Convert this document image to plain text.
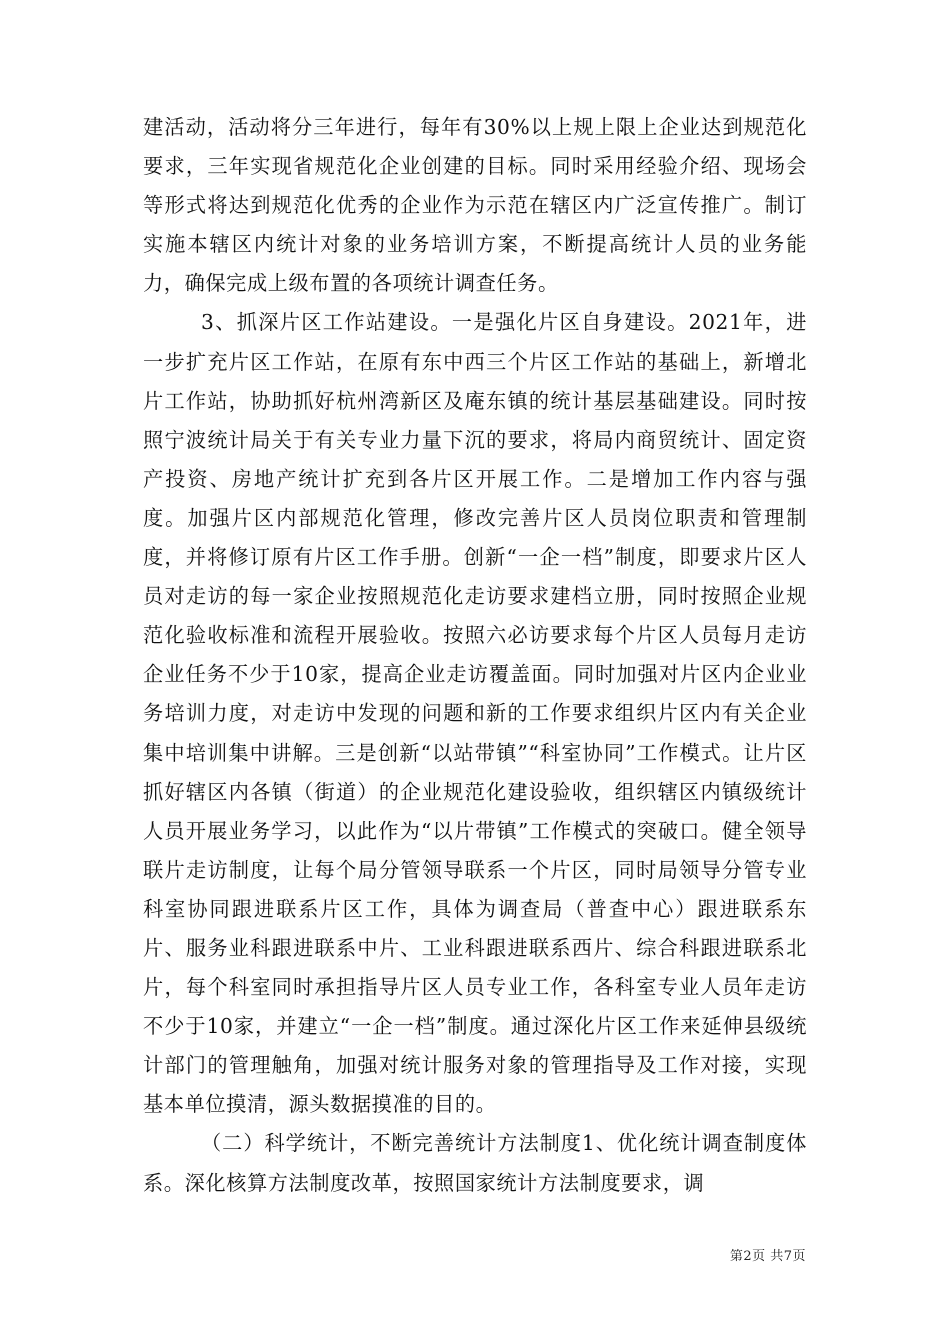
建活动，活动将分三年进行，每年有30%以上规上限上企业达到规范化要求，三年实现省规范化企业创建的目标。同时采用经验介绍、现场会等形式将达到规范化优秀的企业作为示范在辖区内广泛宣传推广。制订实施本辖区内统计对象的业务培训方案，不断提高统计人员的业务能力，确保完成上级布置的各项统计调查任务。

3、抓深片区工作站建设。一是强化片区自身建设。2021年，进一步扩充片区工作站，在原有东中西三个片区工作站的基础上，新增北片工作站，协助抓好杭州湾新区及庵东镇的统计基层基础建设。同时按照宁波统计局关于有关专业力量下沉的要求，将局内商贸统计、固定资产投资、房地产统计扩充到各片区开展工作。二是增加工作内容与强度。加强片区内部规范化管理，修改完善片区人员岗位职责和管理制度，并将修订原有片区工作手册。创新“一企一档”制度，即要求片区人员对走访的每一家企业按照规范化走访要求建档立册，同时按照企业规范化验收标准和流程开展验收。按照六必访要求每个片区人员每月走访企业任务不少于10家，提高企业走访覆盖面。同时加强对片区内企业业务培训力度，对走访中发现的问题和新的工作要求组织片区内有关企业集中培训集中讲解。三是创新“以站带镇”“科室协同”工作模式。让片区抓好辖区内各镇（街道）的企业规范化建设验收，组织辖区内镇级统计人员开展业务学习，以此作为“以片带镇”工作模式的突破口。健全领导联片走访制度，让每个局分管领导联系一个片区，同时局领导分管专业科室协同跟进联系片区工作，具体为调查局（普查中心）跟进联系东片、服务业科跟进联系中片、工业科跟进联系西片、综合科跟进联系北片，每个科室同时承担指导片区人员专业工作，各科室专业人员年走访不少于10家，并建立“一企一档”制度。通过深化片区工作来延伸县级统计部门的管理触角，加强对统计服务对象的管理指导及工作对接，实现基本单位摸清，源头数据摸准的目的。

（二）科学统计，不断完善统计方法制度1、优化统计调查制度体系。深化核算方法制度改革，按照国家统计方法制度要求，调

第2页 共7页
